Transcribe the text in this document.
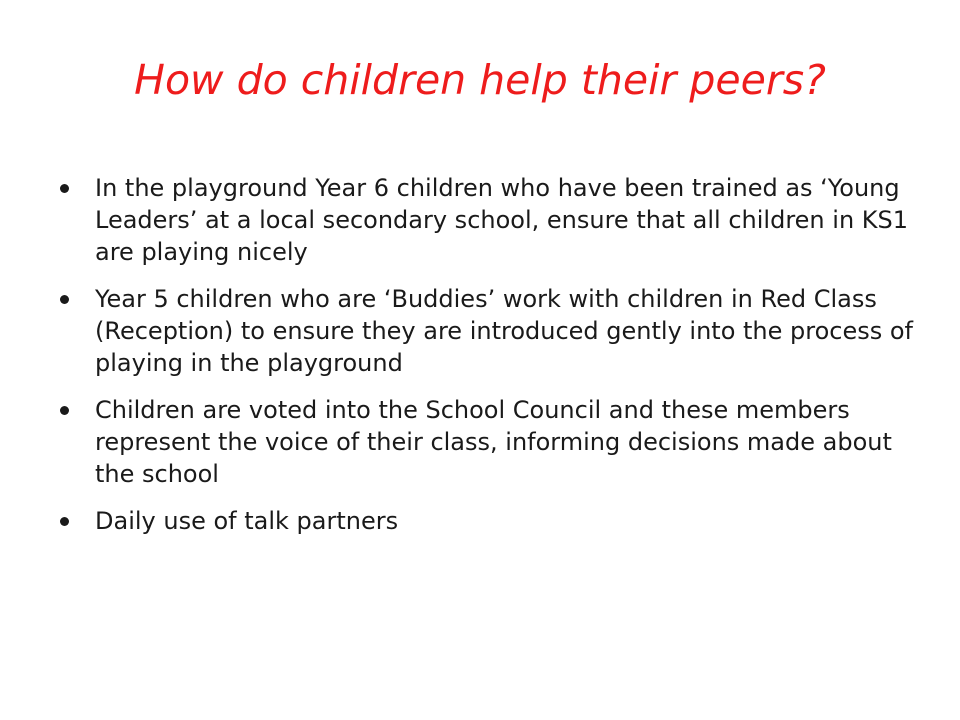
How do children help their peers?
In the playground Year 6 children who have been trained as ‘Young Leaders’ at a local secondary school, ensure that all children in KS1 are playing nicely
Year 5 children who are ‘Buddies’ work with children in Red Class (Reception) to ensure they are introduced gently into the process of playing in the playground
Children are voted into the School Council and these members represent the voice of their class, informing decisions made about the school
Daily use of talk partners
